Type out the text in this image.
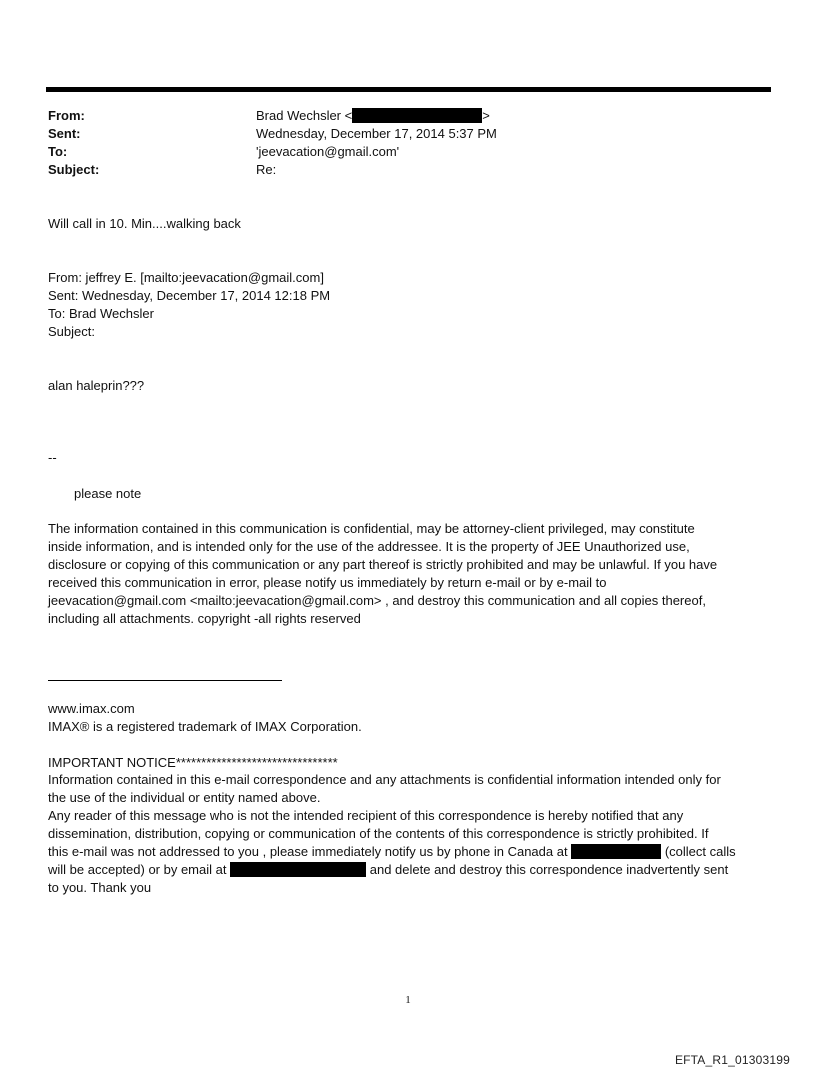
From:	Brad Wechsler <	>
Sent:	Wednesday, December 17, 2014 5:37 PM
To:	'jeevacation@gmail.com'
Subject:	Re:
Will call in 10. Min....walking back
From: jeffrey E. [mailto:jeevacation@gmail.com]
Sent: Wednesday, December 17, 2014 12:18 PM
To: Brad Wechsler
Subject:
alan haleprin???
--
please note
The information contained in this communication is confidential, may be attorney-client privileged, may constitute
inside information, and is intended only for the use of the addressee. It is the property of JEE Unauthorized use,
disclosure or copying of this communication or any part thereof is strictly prohibited and may be unlawful. If you have
received this communication in error, please notify us immediately by return e-mail or by e-mail to
jeevacation@gmail.com <mailto:jeevacation@gmail.com> , and destroy this communication and all copies thereof,
including all attachments. copyright -all rights reserved
www.imax.com
IMAX® is a registered trademark of IMAX Corporation.
IMPORTANT NOTICE********************************
Information contained in this e-mail correspondence and any attachments is confidential information intended only for
the use of the individual or entity named above.
Any reader of this message who is not the intended recipient of this correspondence is hereby notified that any
dissemination, distribution, copying or communication of the contents of this correspondence is strictly prohibited. If
this e-mail was not addressed to you , please immediately notify us by phone in Canada at	(collect calls
will be accepted) or by email at	and delete and destroy this correspondence inadvertently sent
to you. Thank you
1
EFTA_R1_01303199
